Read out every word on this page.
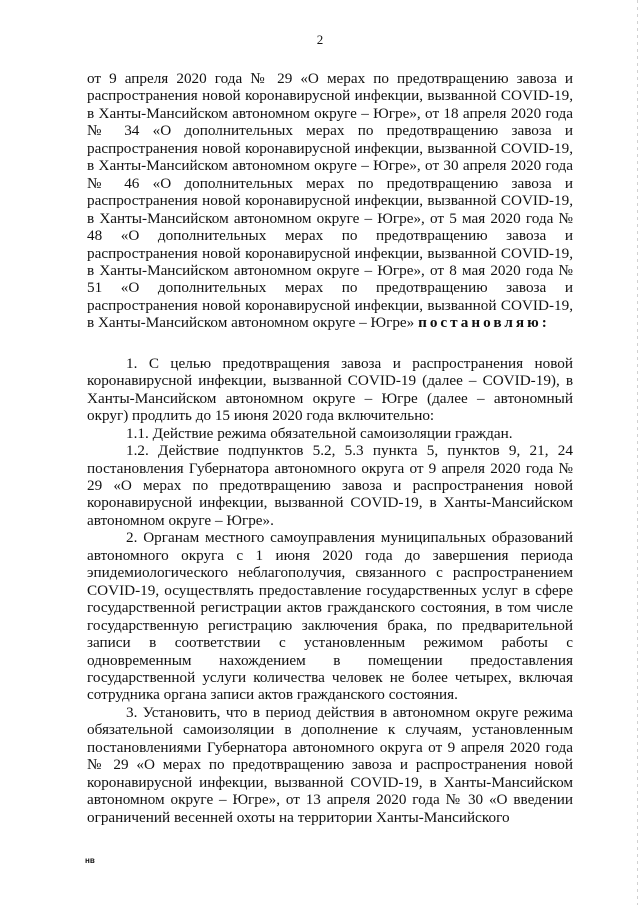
2

от 9 апреля 2020 года № 29 «О мерах по предотвращению завоза и распространения новой коронавирусной инфекции, вызванной COVID-19, в Ханты-Мансийском автономном округе – Югре», от 18 апреля 2020 года № 34 «О дополнительных мерах по предотвращению завоза и распространения новой коронавирусной инфекции, вызванной COVID-19, в Ханты-Мансийском автономном округе – Югре», от 30 апреля 2020 года № 46 «О дополнительных мерах по предотвращению завоза и распространения новой коронавирусной инфекции, вызванной COVID-19, в Ханты-Мансийском автономном округе – Югре», от 5 мая 2020 года № 48 «О дополнительных мерах по предотвращению завоза и распространения новой коронавирусной инфекции, вызванной COVID-19, в Ханты-Мансийском автономном округе – Югре», от 8 мая 2020 года № 51 «О дополнительных мерах по предотвращению завоза и распространения новой коронавирусной инфекции, вызванной COVID-19, в Ханты-Мансийском автономном округе – Югре» постановляю:

1. С целью предотвращения завоза и распространения новой коронавирусной инфекции, вызванной COVID-19 (далее – COVID-19), в Ханты-Мансийском автономном округе – Югре (далее – автономный округ) продлить до 15 июня 2020 года включительно:

1.1. Действие режима обязательной самоизоляции граждан.

1.2. Действие подпунктов 5.2, 5.3 пункта 5, пунктов 9, 21, 24 постановления Губернатора автономного округа от 9 апреля 2020 года № 29 «О мерах по предотвращению завоза и распространения новой коронавирусной инфекции, вызванной COVID-19, в Ханты-Мансийском автономном округе – Югре».

2. Органам местного самоуправления муниципальных образований автономного округа с 1 июня 2020 года до завершения периода эпидемиологического неблагополучия, связанного с распространением COVID-19, осуществлять предоставление государственных услуг в сфере государственной регистрации актов гражданского состояния, в том числе государственную регистрацию заключения брака, по предварительной записи в соответствии с установленным режимом работы с одновременным нахождением в помещении предоставления государственной услуги количества человек не более четырех, включая сотрудника органа записи актов гражданского состояния.

3. Установить, что в период действия в автономном округе режима обязательной самоизоляции в дополнение к случаям, установленным постановлениями Губернатора автономного округа от 9 апреля 2020 года № 29 «О мерах по предотвращению завоза и распространения новой коронавирусной инфекции, вызванной COVID-19, в Ханты-Мансийском автономном округе – Югре», от 13 апреля 2020 года № 30 «О введении ограничений весенней охоты на территории Ханты-Мансийского

нв
